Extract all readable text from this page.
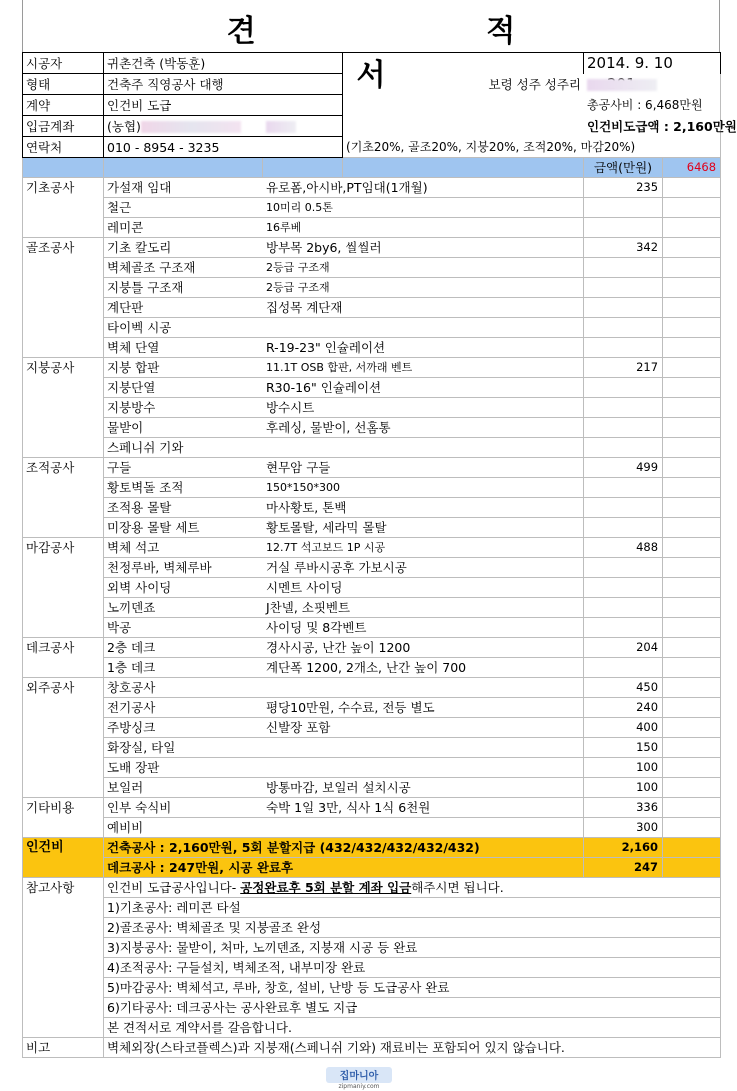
견 적 서
시공자	귀촌건축 (박동훈)			2014. 9. 10	
형태	건축주 직영공사 대행		보령 성주 성주리	
계약	인건비 도급			총공사비 : 6,468만원	
입금계좌	(농협)			인건비도급액 : 2,160만원	
연락처	010 - 8954 - 3235		(기초20%, 골조20%, 지붕20%, 조적20%, 마감20%)		
				금액(만원)	6468
기초공사	가설재 임대	유로폼,아시바,PT임대(1개월)		235	
	철근	10미리 0.5톤			
	레미콘	16루베			
골조공사	기초 칼도리	방부목 2by6, 씰씰러		342	
	벽체골조 구조재	2등급 구조재			
	지붕틀 구조재	2등급 구조재			
	계단판	집성목 계단재			
	타이벡 시공				
	벽체 단열	R-19-23" 인슐레이션			
지붕공사	지붕 합판	11.1T OSB 합판, 서까래 벤트		217	
	지붕단열	R30-16" 인슐레이션			
	지붕방수	방수시트			
	물받이	후레싱, 물받이, 선홈통			
	스페니쉬 기와				
조적공사	구들	현무암 구들		499	
	황토벽돌 조적	150*150*300			
	조적용 몰탈	마사황토, 톤백			
	미장용 몰탈 세트	황토몰탈, 세라믹 몰탈			
마감공사	벽체 석고	12.7T 석고보드 1P 시공		488	
	천정루바, 벽체루바	거실 루바시공후 가보시공			
	외벽 사이딩	시멘트 사이딩			
	노끼덴죠	J찬넬, 소핏벤트			
	박공	사이딩 및 8각벤트			
데크공사	2층 데크	경사시공, 난간 높이 1200		204	
	1층 데크	계단폭 1200, 2개소, 난간 높이 700			
외주공사	창호공사			450	
	전기공사	평당10만원, 수수료, 전등 별도		240	
	주방싱크	신발장 포함		400	
	화장실, 타일			150	
	도배 장판			100	
	보일러	방통마감, 보일러 설치시공		100	
기타비용	인부 숙식비	숙박 1일 3만, 식사 1식 6천원		336	
	예비비			300	
인건비	건축공사 : 2,160만원, 5회 분할지급 (432/432/432/432/432)			2,160	
	데크공사 : 247만원, 시공 완료후			247	
참고사항	인건비 도급공사입니다- 공정완료후 5회 분할 계좌 입금해주시면 됩니다.				
	1)기초공사: 레미콘 타설				
	2)골조공사: 벽체골조 및 지붕골조 완성				
	3)지붕공사: 물받이, 처마, 노끼덴죠, 지붕재 시공 등 완료				
	4)조적공사: 구들설치, 벽체조적, 내부미장 완료				
	5)마감공사: 벽체석고, 루바, 창호, 설비, 난방 등 도급공사 완료				
	6)기타공사: 데크공사는 공사완료후 별도 지급				
	본 견적서로 계약서를 갈음합니다.				
비고	벽체외장(스타코플렉스)과 지붕재(스페니쉬 기와) 재료비는 포함되어 있지 않습니다.				
집마니아
zipmaniy.com
